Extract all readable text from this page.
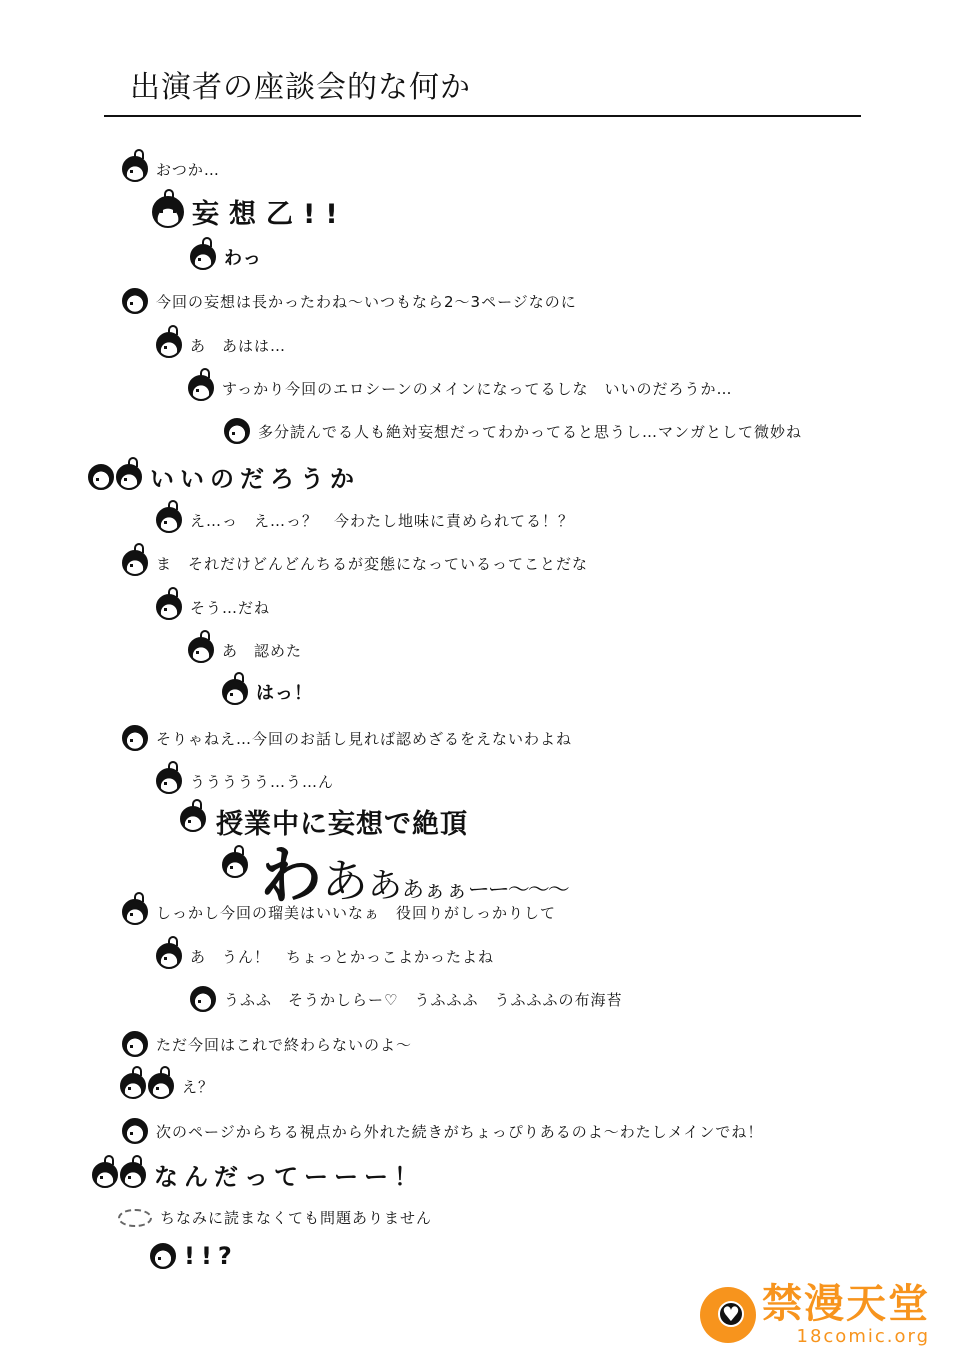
出演者の座談会的な何か
おつか…
妄想乙!!
わっ
今回の妄想は長かったわね～いつもなら2～3ページなのに
あ　あはは…
すっかり今回のエロシーンのメインになってるしな　いいのだろうか…
多分読んでる人も絶対妄想だってわかってると思うし…マンガとして微妙ね
いいのだろうか
え…っ　え…っ？　今わたし地味に責められてる！？
ま　それだけどんどんちるが変態になっているってことだな
そう…だね
あ　認めた
はっ！
そりゃねえ…今回のお話し見れば認めざるをえないわよね
ううううう…う…ん
授業中に妄想で絶頂
わ あ あ あぁぁ ーー〜〜〜
しっかし今回の瑠美はいいなぁ　役回りがしっかりして
あ　うん！　ちょっとかっこよかったよね
うふふ　そうかしらー♡　うふふふ　うふふふの布海苔
ただ今回はこれで終わらないのよ～
え？
次のページからちる視点から外れた続きがちょっぴりあるのよ～わたしメインでね！
なんだってーーー！
ちなみに読まなくても問題ありません
!!?
♥
禁漫天堂
18comic.org
